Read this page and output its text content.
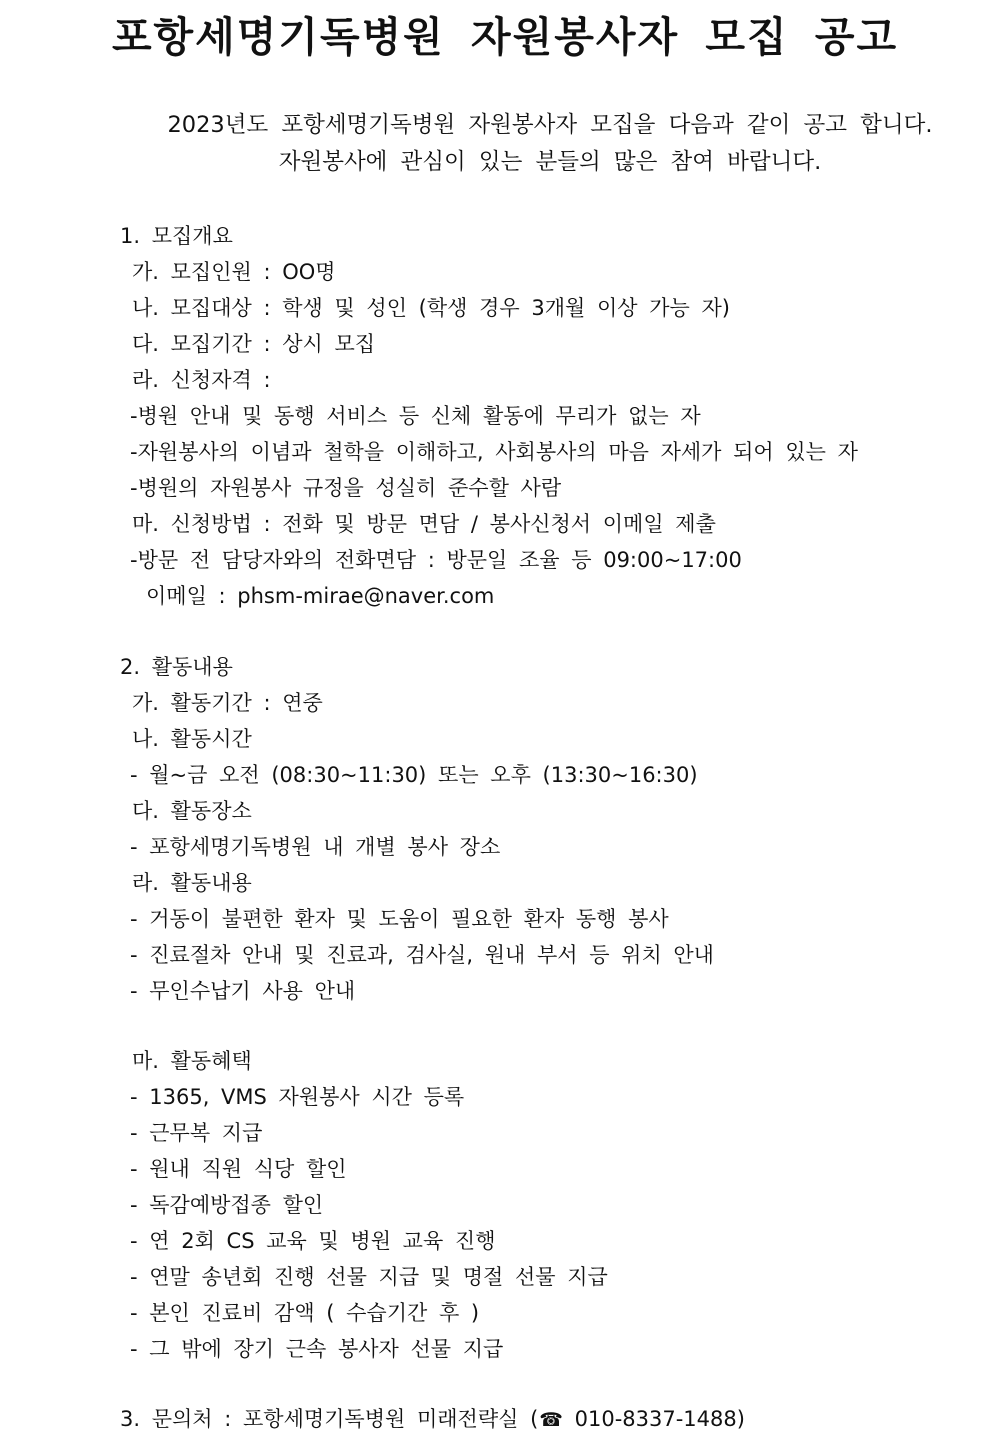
포항세명기독병원 자원봉사자 모집 공고
2023년도 포항세명기독병원 자원봉사자 모집을 다음과 같이 공고 합니다.
자원봉사에 관심이 있는 분들의 많은 참여 바랍니다.
1. 모집개요
가. 모집인원 : OO명
나. 모집대상 : 학생 및 성인 (학생 경우 3개월 이상 가능 자)
다. 모집기간 : 상시 모집
라. 신청자격 :
-병원 안내 및 동행 서비스 등 신체 활동에 무리가 없는 자
-자원봉사의 이념과 철학을 이해하고, 사회봉사의 마음 자세가 되어 있는 자
-병원의 자원봉사 규정을 성실히 준수할 사람
마. 신청방법 : 전화 및 방문 면담 / 봉사신청서 이메일 제출
-방문 전 담당자와의 전화면담 : 방문일 조율 등 09:00~17:00
이메일 : phsm-mirae@naver.com
2. 활동내용
가. 활동기간 : 연중
나. 활동시간
- 월~금 오전 (08:30~11:30) 또는 오후 (13:30~16:30)
다. 활동장소
- 포항세명기독병원 내 개별 봉사 장소
라. 활동내용
- 거동이 불편한 환자 및 도움이 필요한 환자 동행 봉사
- 진료절차 안내 및 진료과, 검사실, 원내 부서 등 위치 안내
- 무인수납기 사용 안내
마. 활동혜택
- 1365, VMS 자원봉사 시간 등록
- 근무복 지급
- 원내 직원 식당 할인
- 독감예방접종 할인
- 연 2회 CS 교육 및 병원 교육 진행
- 연말 송년회 진행 선물 지급 및 명절 선물 지급
- 본인 진료비 감액 ( 수습기간 후 )
- 그 밖에 장기 근속 봉사자 선물 지급
3. 문의처 : 포항세명기독병원 미래전략실 (☎ 010-8337-1488)
